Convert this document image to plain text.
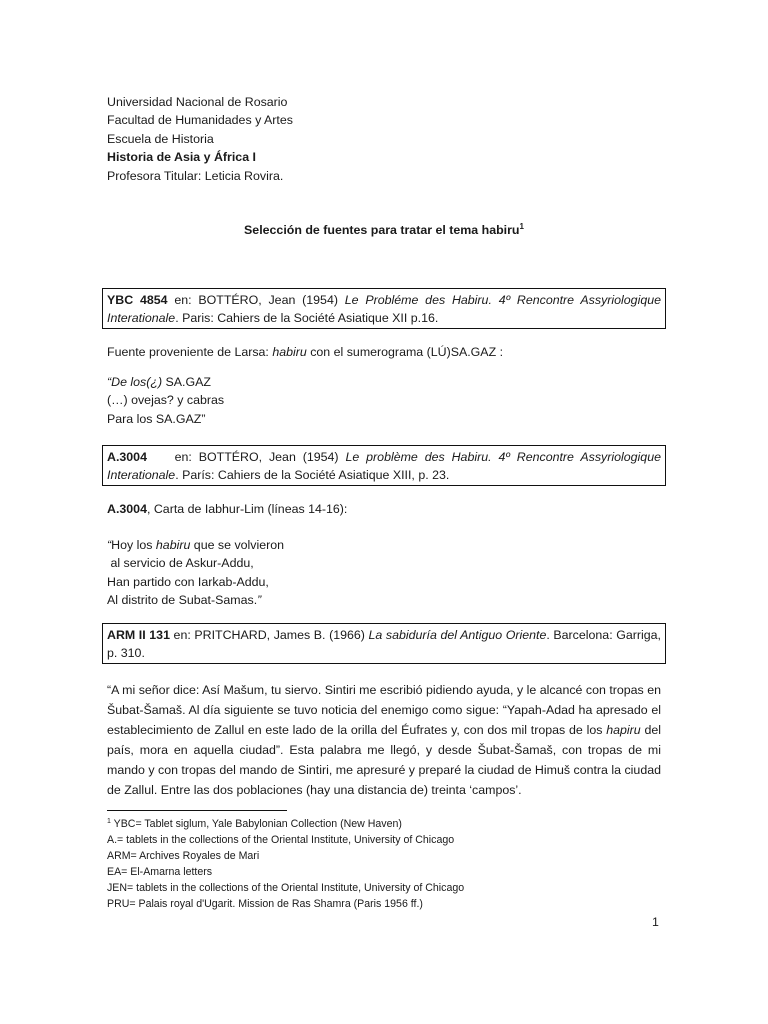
Universidad Nacional de Rosario
Facultad de Humanidades y Artes
Escuela de Historia
Historia de Asia y África I
Profesora Titular: Leticia Rovira.
Selección de fuentes para tratar el tema habiru$^1$
YBC 4854 en: BOTTÉRO, Jean (1954) Le Probléme des Habiru. 4º Rencontre Assyriologique Interationale. Paris: Cahiers de la Société Asiatique XII p.16.
Fuente proveniente de Larsa: habiru con el sumerograma (LÚ)SA.GAZ :
“De los(¿) SA.GAZ
(…) ovejas? y cabras
Para los SA.GAZ”
A.3004    en: BOTTÉRO, Jean (1954) Le problème des Habiru. 4º Rencontre Assyriologique Interationale. París: Cahiers de la Société Asiatique XIII, p. 23.
A.3004, Carta de Iabhur-Lim (líneas 14-16):
“Hoy los habiru que se volvieron
al servicio de Askur-Addu,
Han partido con Iarkab-Addu,
Al distrito de Subat-Samas.”
ARM II 131 en: PRITCHARD, James B. (1966) La sabiduría del Antiguo Oriente. Barcelona: Garriga, p. 310.
“A mi señor dice: Así Mašum, tu siervo. Sintiri me escribió pidiendo ayuda, y le alcancé con tropas en Šubat-Šamaš. Al día siguiente se tuvo noticia del enemigo como sigue: “Yapah-Adad ha apresado el establecimiento de Zallul en este lado de la orilla del Éufrates y, con dos mil tropas de los hapiru del país, mora en aquella ciudad”. Esta palabra me llegó, y desde Šubat-Šamaš, con tropas de mi mando y con tropas del mando de Sintiri, me apresuré y preparé la ciudad de Himuš contra la ciudad de Zallul. Entre las dos poblaciones (hay una distancia de) treinta ‘campos’.
$^1$ YBC= Tablet siglum, Yale Babylonian Collection (New Haven)
A.= tablets in the collections of the Oriental Institute, University of Chicago
ARM= Archives Royales de Mari
EA= El-Amarna letters
JEN= tablets in the collections of the Oriental Institute, University of Chicago
PRU= Palais royal d'Ugarit. Mission de Ras Shamra (Paris 1956 ff.)
1
